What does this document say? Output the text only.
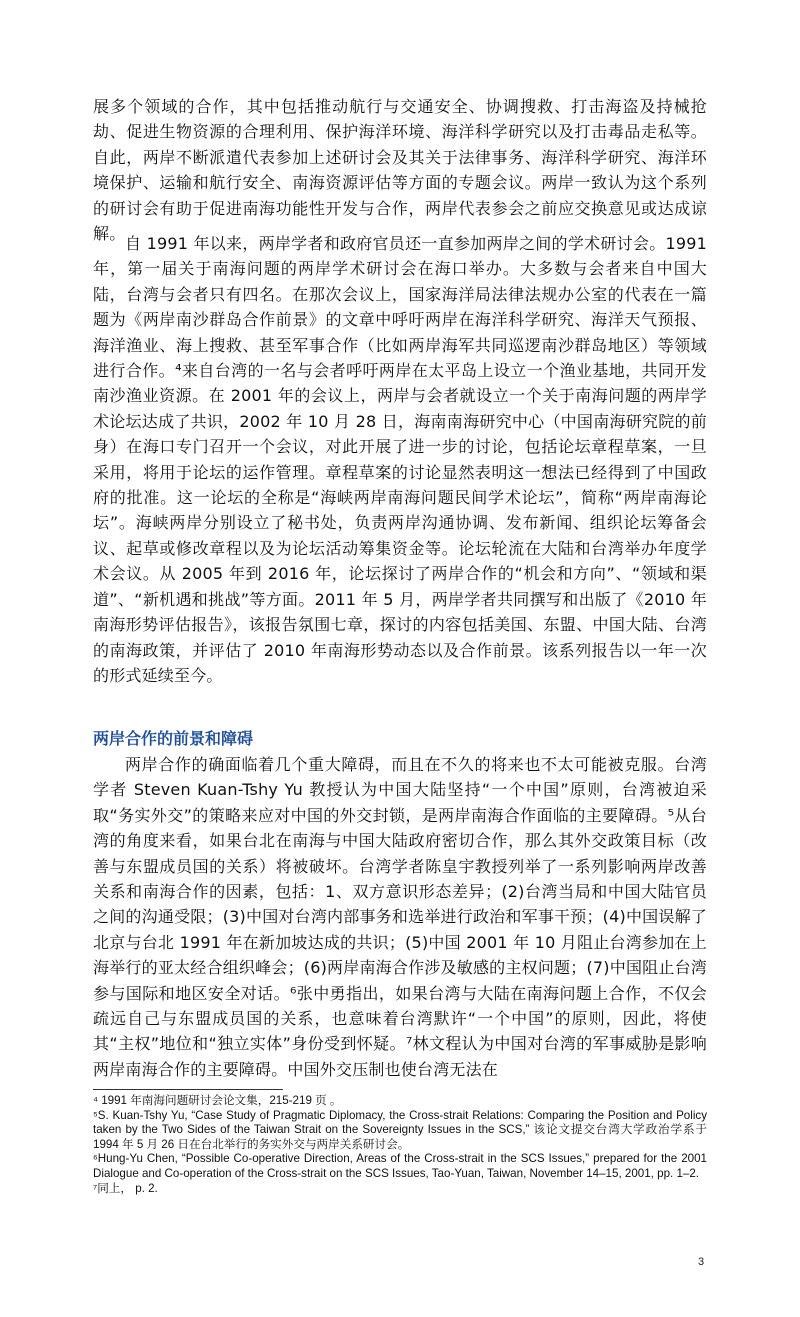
展多个领域的合作，其中包括推动航行与交通安全、协调搜救、打击海盗及持械抢劫、促进生物资源的合理利用、保护海洋环境、海洋科学研究以及打击毒品走私等。自此，两岸不断派遣代表参加上述研讨会及其关于法律事务、海洋科学研究、海洋环境保护、运输和航行安全、南海资源评估等方面的专题会议。两岸一致认为这个系列的研讨会有助于促进南海功能性开发与合作，两岸代表参会之前应交换意见或达成谅解。

自 1991 年以来，两岸学者和政府官员还一直参加两岸之间的学术研讨会。1991 年，第一届关于南海问题的两岸学术研讨会在海口举办。大多数与会者来自中国大陆，台湾与会者只有四名。在那次会议上，国家海洋局法律法规办公室的代表在一篇题为《两岸南沙群岛合作前景》的文章中呼吁两岸在海洋科学研究、海洋天气预报、海洋渔业、海上搜救、甚至军事合作（比如两岸海军共同巡逻南沙群岛地区）等领域进行合作。⁴来自台湾的一名与会者呼吁两岸在太平岛上设立一个渔业基地，共同开发南沙渔业资源。在 2001 年的会议上，两岸与会者就设立一个关于南海问题的两岸学术论坛达成了共识，2002 年 10 月 28 日，海南南海研究中心（中国南海研究院的前身）在海口专门召开一个会议，对此开展了进一步的讨论，包括论坛章程草案，一旦采用，将用于论坛的运作管理。章程草案的讨论显然表明这一想法已经得到了中国政府的批准。这一论坛的全称是“海峡两岸南海问题民间学术论坛”，简称“两岸南海论坛”。海峡两岸分别设立了秘书处，负责两岸沟通协调、发布新闻、组织论坛筹备会议、起草或修改章程以及为论坛活动筹集资金等。论坛轮流在大陆和台湾举办年度学术会议。从 2005 年到 2016 年，论坛探讨了两岸合作的“机会和方向”、“领域和渠道”、“新机遇和挑战”等方面。2011 年 5 月，两岸学者共同撰写和出版了《2010 年南海形势评估报告》，该报告氛围七章，探讨的内容包括美国、东盟、中国大陆、台湾的南海政策，并评估了 2010 年南海形势动态以及合作前景。该系列报告以一年一次的形式延续至今。

两岸合作的前景和障碍

两岸合作的确面临着几个重大障碍，而且在不久的将来也不太可能被克服。台湾学者 Steven Kuan-Tshy Yu 教授认为中国大陆坚持“一个中国”原则，台湾被迫采取“务实外交”的策略来应对中国的外交封锁，是两岸南海合作面临的主要障碍。⁵从台湾的角度来看，如果台北在南海与中国大陆政府密切合作，那么其外交政策目标（改善与东盟成员国的关系）将被破坏。台湾学者陈皇宇教授列举了一系列影响两岸改善关系和南海合作的因素，包括：1、双方意识形态差异；(2)台湾当局和中国大陆官员之间的沟通受限；(3)中国对台湾内部事务和选举进行政治和军事干预；(4)中国误解了北京与台北 1991 年在新加坡达成的共识；(5)中国 2001 年 10 月阻止台湾参加在上海举行的亚太经合组织峰会；(6)两岸南海合作涉及敏感的主权问题；(7)中国阻止台湾参与国际和地区安全对话。⁶张中勇指出，如果台湾与大陆在南海问题上合作，不仅会疏远自己与东盟成员国的关系，也意味着台湾默许“一个中国”的原则，因此，将使其“主权”地位和“独立实体”身份受到怀疑。⁷林文程认为中国对台湾的军事威胁是影响两岸南海合作的主要障碍。中国外交压制也使台湾无法在

⁴ 1991 年南海问题研讨会论文集，215-219 页 。

⁵S. Kuan-Tshy Yu, “Case Study of Pragmatic Diplomacy, the Cross-strait Relations: Comparing the Position and Policy taken by the Two Sides of the Taiwan Strait on the Sovereignty Issues in the SCS,” 该论文提交台湾大学政治学系于 1994 年 5 月 26 日在台北举行的务实外交与两岸关系研讨会。

⁶Hung-Yu Chen, “Possible Co-operative Direction, Areas of the Cross-strait in the SCS Issues,” prepared for the 2001 Dialogue and Co-operation of the Cross-strait on the SCS Issues, Tao-Yuan, Taiwan, November 14–15, 2001, pp. 1–2.

⁷同上， p. 2.

3
